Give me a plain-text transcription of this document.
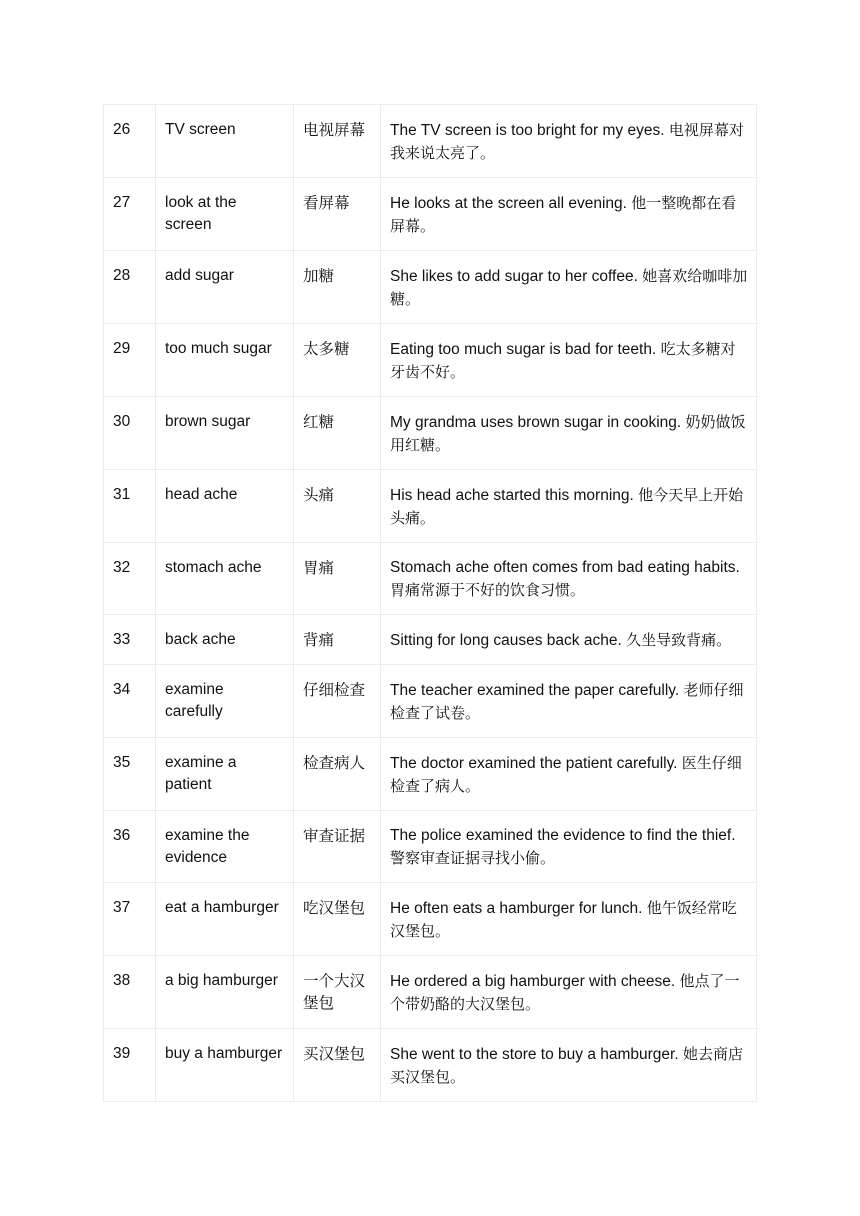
26	TV screen	电视屏幕	The TV screen is too bright for my eyes. 电视屏幕对我来说太亮了。
27	look at the screen	看屏幕	He looks at the screen all evening. 他一整晚都在看屏幕。
28	add sugar	加糖	She likes to add sugar to her coffee. 她喜欢给咖啡加糖。
29	too much sugar	太多糖	Eating too much sugar is bad for teeth. 吃太多糖对牙齿不好。
30	brown sugar	红糖	My grandma uses brown sugar in cooking. 奶奶做饭用红糖。
31	head ache	头痛	His head ache started this morning. 他今天早上开始头痛。
32	stomach ache	胃痛	Stomach ache often comes from bad eating habits. 胃痛常源于不好的饮食习惯。
33	back ache	背痛	Sitting for long causes back ache. 久坐导致背痛。
34	examine carefully	仔细检查	The teacher examined the paper carefully. 老师仔细检查了试卷。
35	examine a patient	检查病人	The doctor examined the patient carefully. 医生仔细检查了病人。
36	examine the evidence	审查证据	The police examined the evidence to find the thief. 警察审查证据寻找小偷。
37	eat a hamburger	吃汉堡包	He often eats a hamburger for lunch. 他午饭经常吃汉堡包。
38	a big hamburger	一个大汉堡包	He ordered a big hamburger with cheese. 他点了一个带奶酪的大汉堡包。
39	buy a hamburger	买汉堡包	She went to the store to buy a hamburger. 她去商店买汉堡包。
